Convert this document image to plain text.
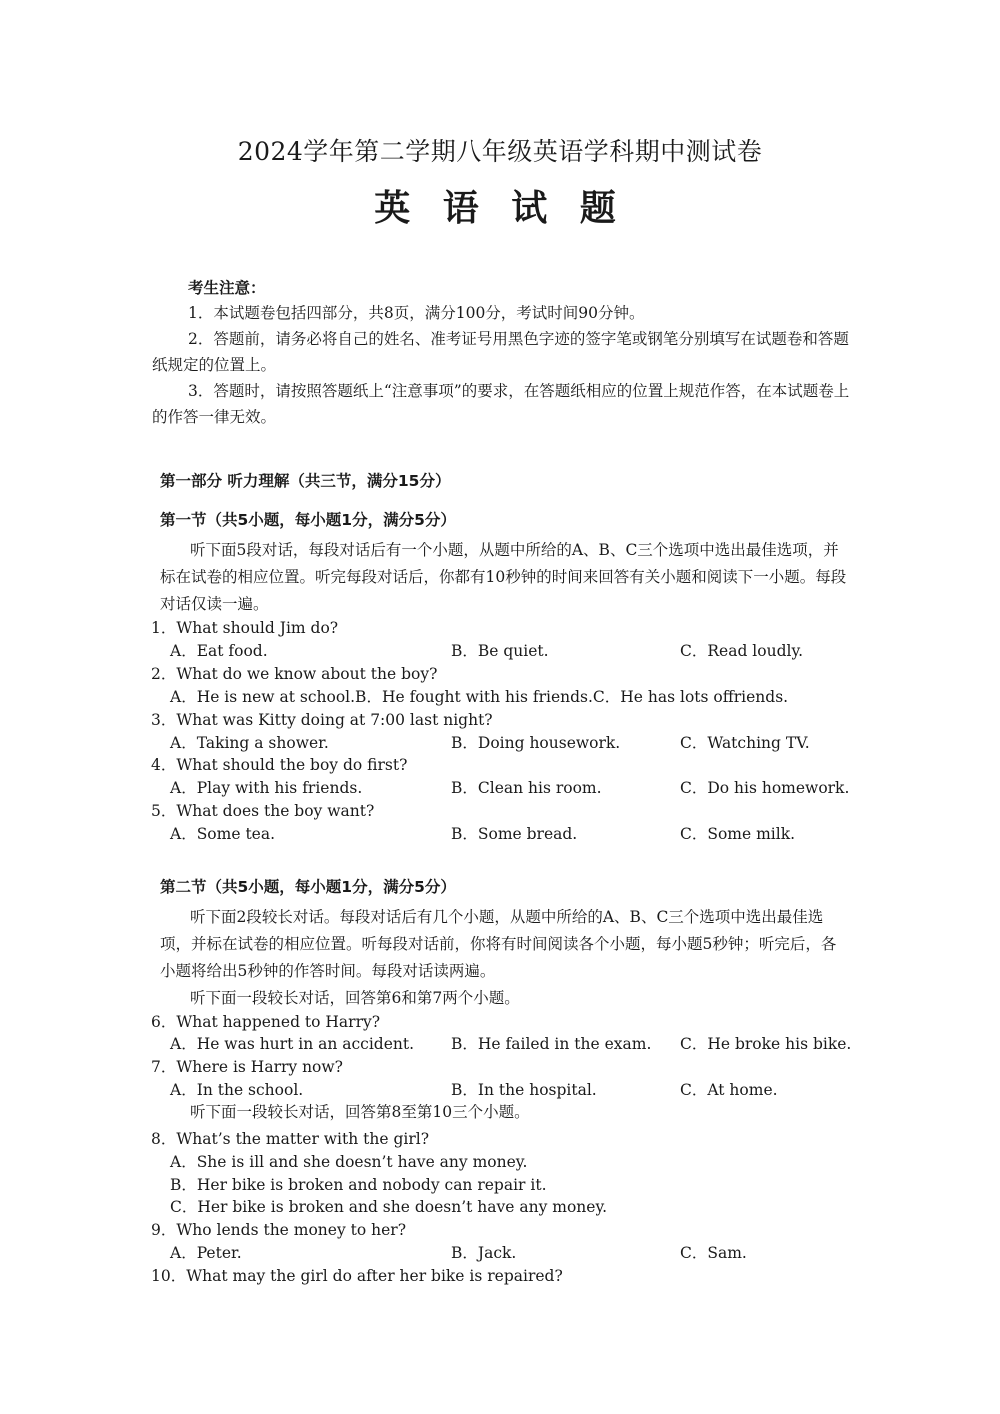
2024学年第二学期八年级英语学科期中测试卷
英 语 试 题
考生注意：
1．本试题卷包括四部分，共8页，满分100分，考试时间90分钟。
2．答题前，请务必将自己的姓名、准考证号用黑色字迹的签字笔或钢笔分别填写在试题卷和答题纸规定的位置上。
3．答题时，请按照答题纸上“注意事项”的要求，在答题纸相应的位置上规范作答，在本试题卷上的作答一律无效。
第一部分 听力理解（共三节，满分15分）
第一节（共5小题，每小题1分，满分5分）
听下面5段对话，每段对话后有一个小题，从题中所给的A、B、C三个选项中选出最佳选项，并标在试卷的相应位置。听完每段对话后，你都有10秒钟的时间来回答有关小题和阅读下一小题。每段对话仅读一遍。
1．What should Jim do?
A．Eat food.	B．Be quiet.	C．Read loudly.
2．What do we know about the boy?
A．He is new at school.B．He fought with his friends.C．He has lots offriends.
3．What was Kitty doing at 7:00 last night?
A．Taking a shower.	B．Doing housework.	C．Watching TV.
4．What should the boy do first?
A．Play with his friends.	B．Clean his room.	C．Do his homework.
5．What does the boy want?
A．Some tea.	B．Some bread.	C．Some milk.
第二节（共5小题，每小题1分，满分5分）
听下面2段较长对话。每段对话后有几个小题，从题中所给的A、B、C三个选项中选出最佳选项，并标在试卷的相应位置。听每段对话前，你将有时间阅读各个小题，每小题5秒钟；听完后，各小题将给出5秒钟的作答时间。每段对话读两遍。
听下面一段较长对话，回答第6和第7两个小题。
6．What happened to Harry?
A．He was hurt in an accident. B．He failed in the exam. C．He broke his bike.
7．Where is Harry now?
A．In the school.	B．In the hospital.	C．At home.
听下面一段较长对话，回答第8至第10三个小题。
8．What’s the matter with the girl?
A．She is ill and she doesn’t have any money.
B．Her bike is broken and nobody can repair it.
C．Her bike is broken and she doesn’t have any money.
9．Who lends the money to her?
A．Peter.	B．Jack.	C．Sam.
10．What may the girl do after her bike is repaired?
